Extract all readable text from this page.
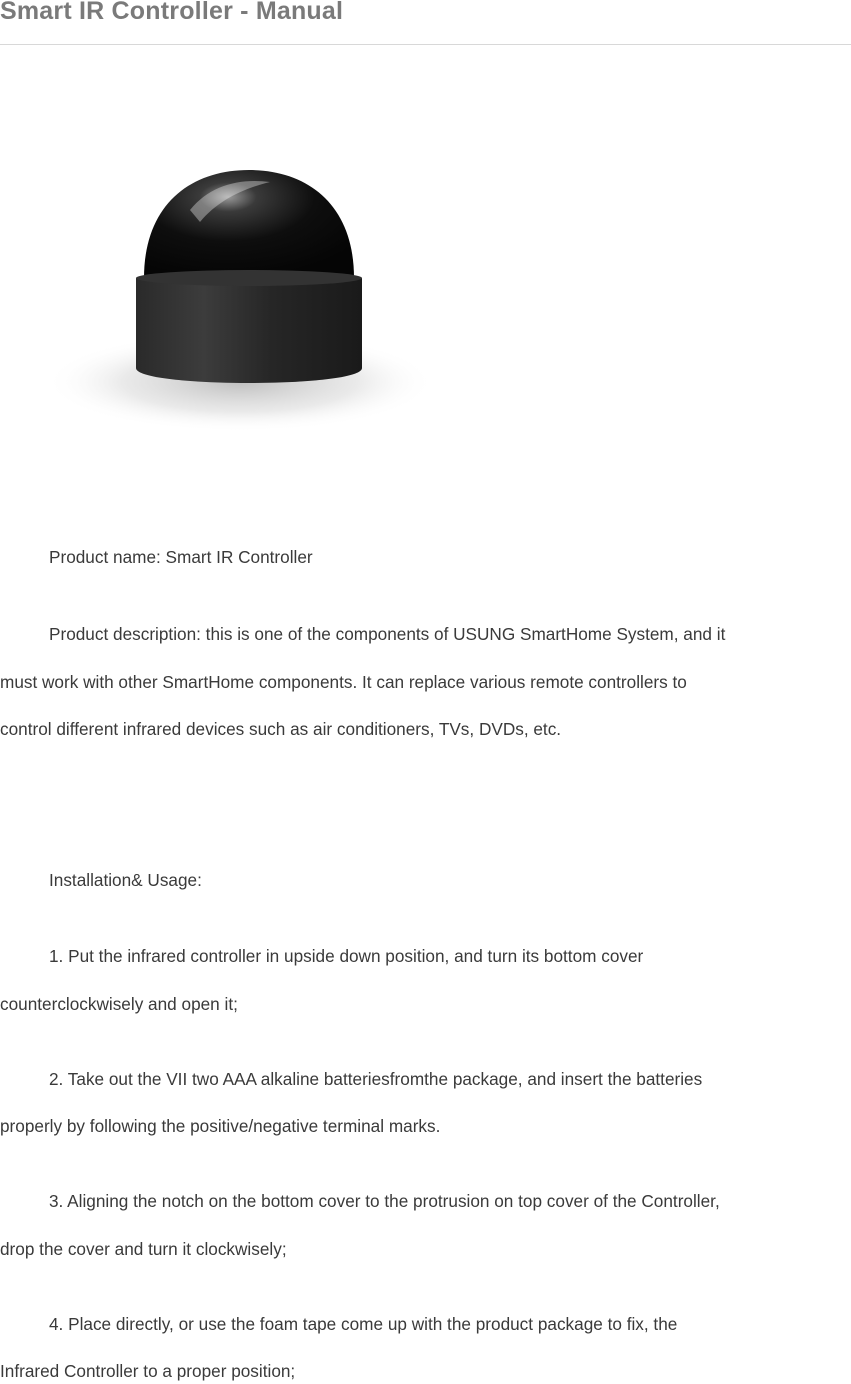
Smart IR Controller - Manual
Product name: Smart IR Controller
Product description: this is one of the components of USUNG SmartHome System, and it
must work with other SmartHome components. It can replace various remote controllers to
control different infrared devices such as air conditioners, TVs, DVDs, etc.
Installation& Usage:
1. Put the infrared controller in upside down position, and turn its bottom cover
counterclockwisely and open it;
2. Take out the VII two AAA alkaline batteriesfromthe package, and insert the batteries
properly by following the positive/negative terminal marks.
3. Aligning the notch on the bottom cover to the protrusion on top cover of the Controller,
drop the cover and turn it clockwisely;
4. Place directly, or use the foam tape come up with the product package to fix, the
Infrared Controller to a proper position;
